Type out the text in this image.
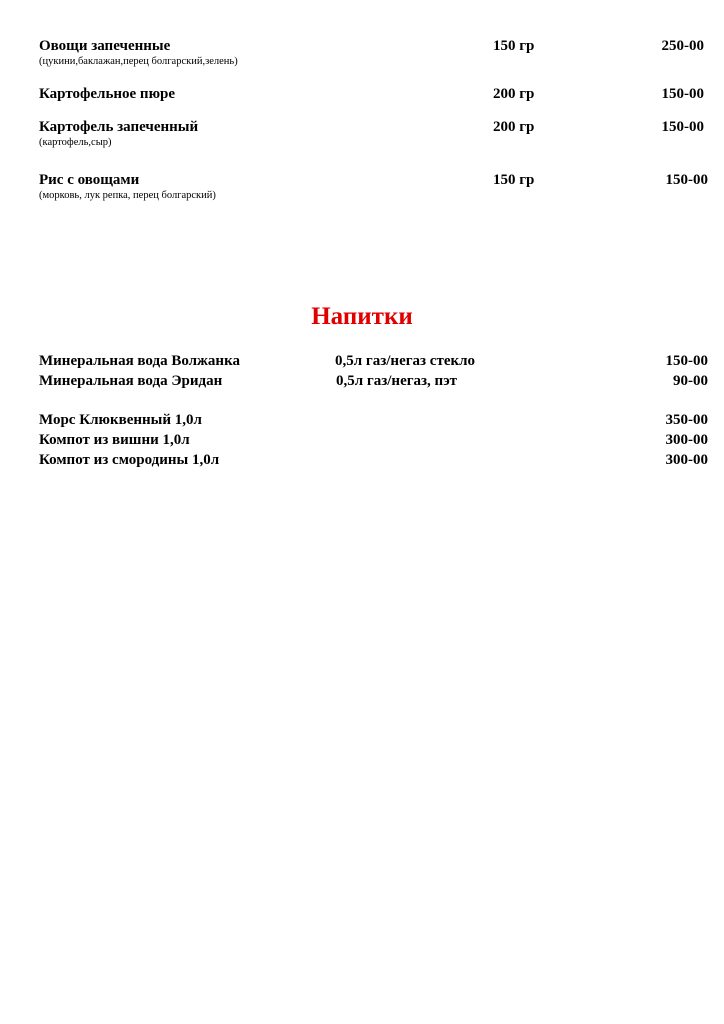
Овощи запеченные
(цукини,баклажан,перец болгарский,зелень)
150 гр	250-00
Картофельное пюре	200 гр	150-00
Картофель запеченный
(картофель,сыр)
200 гр	150-00
Рис с овощами
(морковь, лук репка, перец болгарский)
150 гр	150-00
Напитки
Минеральная вода Волжанка	0,5л газ/негаз стекло	150-00
Минеральная вода Эридан	0,5л газ/негаз, пэт	90-00
Морс Клюквенный 1,0л	350-00
Компот из вишни 1,0л	300-00
Компот из смородины 1,0л	300-00
